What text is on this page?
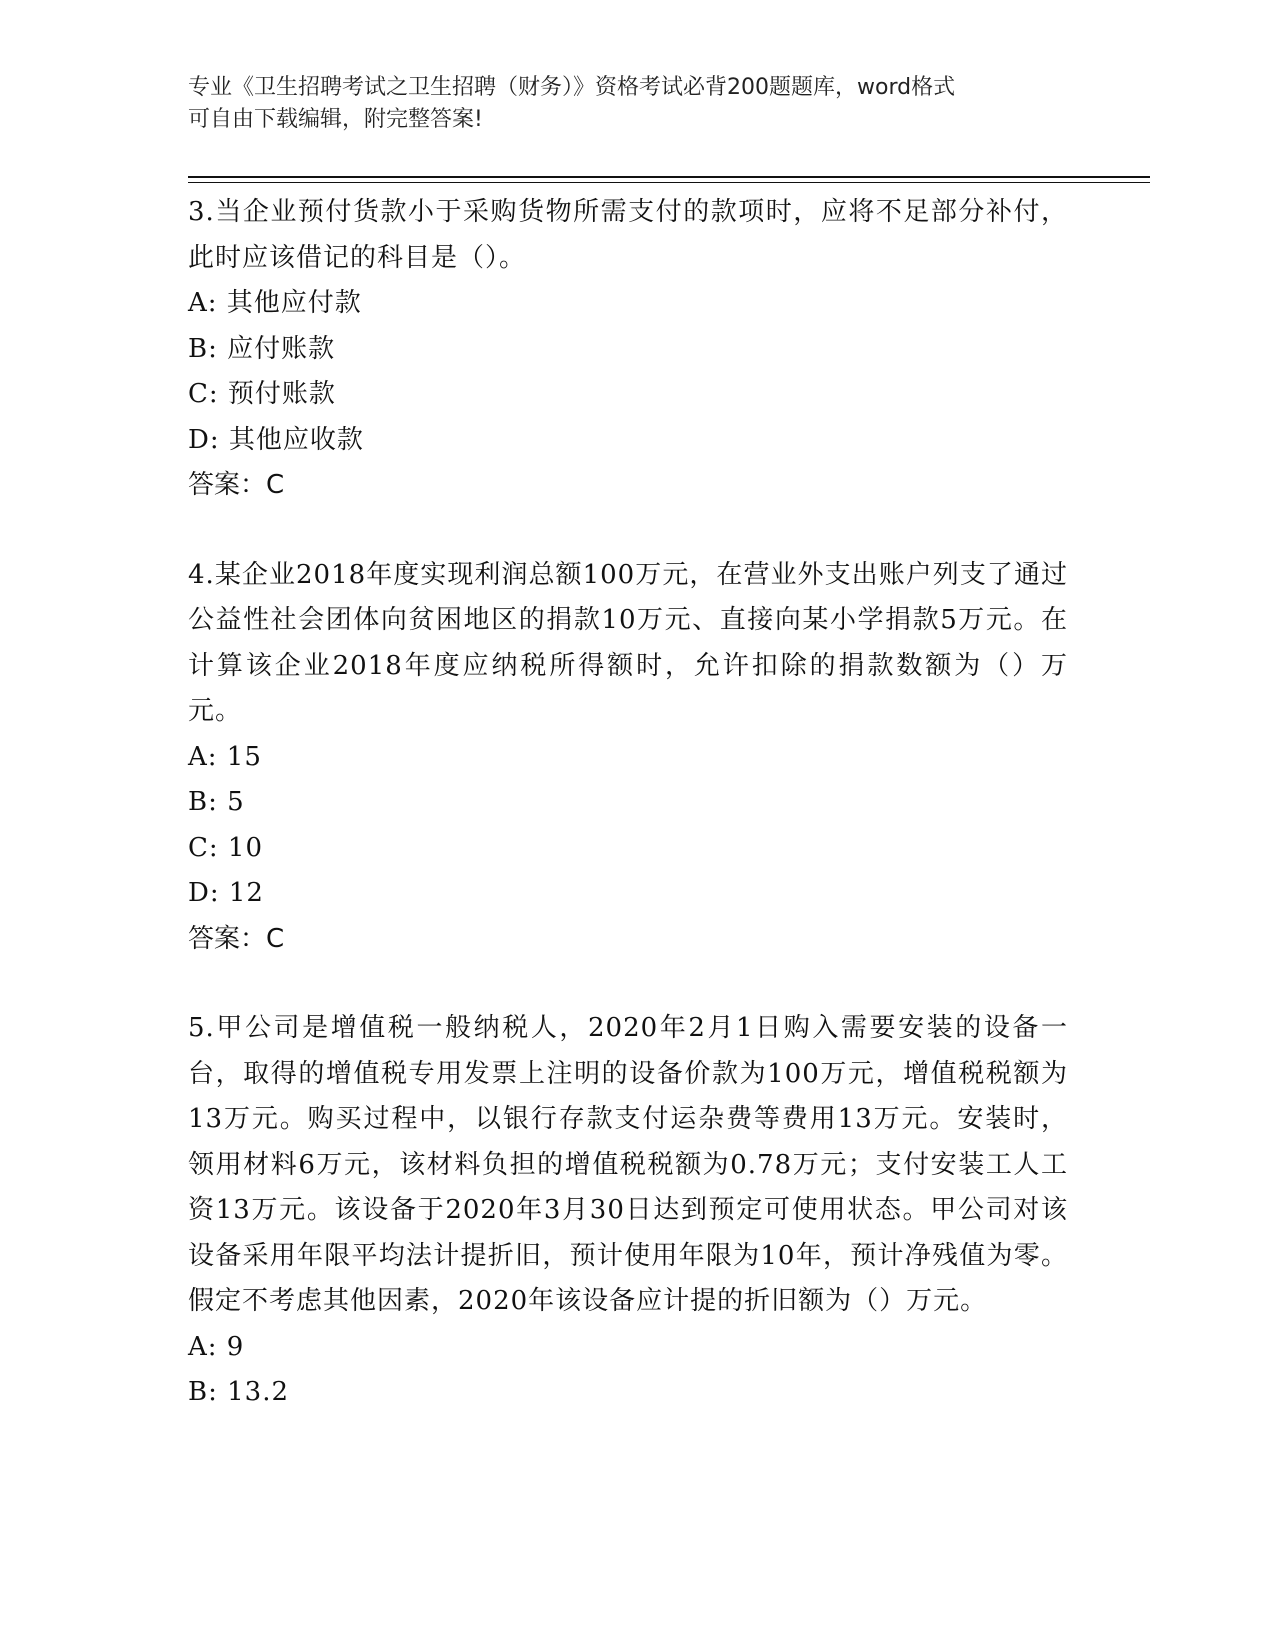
专业《卫生招聘考试之卫生招聘（财务）》资格考试必背200题题库，word格式
可自由下载编辑，附完整答案!

3.当企业预付货款小于采购货物所需支付的款项时，应将不足部分补付，此时应该借记的科目是（）。

A: 其他应付款

B: 应付账款

C: 预付账款

D: 其他应收款

答案：C

4.某企业2018年度实现利润总额100万元，在营业外支出账户列支了通过公益性社会团体向贫困地区的捐款10万元、直接向某小学捐款5万元。在计算该企业2018年度应纳税所得额时，允许扣除的捐款数额为（）万元。

A: 15

B: 5

C: 10

D: 12

答案：C

5.甲公司是增值税一般纳税人，2020年2月1日购入需要安装的设备一台，取得的增值税专用发票上注明的设备价款为100万元，增值税税额为13万元。购买过程中，以银行存款支付运杂费等费用13万元。安装时，领用材料6万元，该材料负担的增值税税额为0.78万元；支付安装工人工资13万元。该设备于2020年3月30日达到预定可使用状态。甲公司对该设备采用年限平均法计提折旧，预计使用年限为10年，预计净残值为零。假定不考虑其他因素，2020年该设备应计提的折旧额为（）万元。

A: 9

B: 13.2
